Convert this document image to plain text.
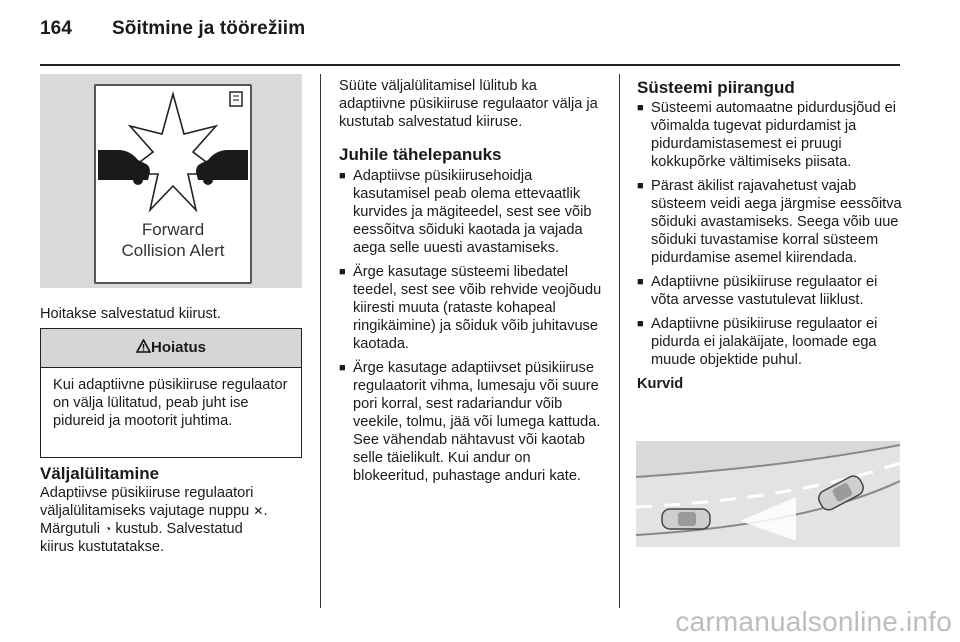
164 Sõitmine ja töörežiim
Forward
Collision Alert

Hoitakse salvestatud kiirust.

Hoiatus
Kui adaptiivne püsikiiruse regulaator on välja lülitatud, peab juht ise pidureid ja mootorit juhtima.
Väljalülitamine

Adaptiivse püsikiiruse regulaatori

väljalülitamiseks vajutage nuppu ✕.

Märgutuli ◔ kustub. Salvestatud

kiirus kustutatakse.

Süüte väljalülitamisel lülitub ka adaptiivne püsikiiruse regulaator välja ja kustutab salvestatud kiiruse.

Juhile tähelepanuks
■ Adaptiivse püsikiirusehoidja kasutamisel peab olema ettevaatlik kurvides ja mägiteedel, sest see võib eessõitva sõiduki kaotada ja vajada aega selle uuesti avastamiseks.
■ Ärge kasutage süsteemi libedatel teedel, sest see võib rehvide veojõudu kiiresti muuta (rataste kohapeal ringikäimine) ja sõiduk võib juhitavuse kaotada.
■ Ärge kasutage adaptiivset püsikiiruse regulaatorit vihma, lumesaju või suure pori korral, sest radariandur võib veekile, tolmu, jää või lumega kattuda. See vähendab nähtavust või kaotab selle täielikult. Kui andur on blokeeritud, puhastage anduri kate.
Süsteemi piirangud
■ Süsteemi automaatne pidurdusjõud ei võimalda tugevat pidurdamist ja pidurdamistasemest ei pruugi kokkupõrke vältimiseks piisata.
■ Pärast äkilist rajavahetust vajab süsteem veidi aega järgmise eessõitva sõiduki avastamiseks. Seega võib uue sõiduki tuvastamise korral süsteem pidurdamise asemel kiirendada.
■ Adaptiivne püsikiiruse regulaator ei võta arvesse vastutulevat liiklust.
■ Adaptiivne püsikiiruse regulaator ei pidurda ei jalakäijate, loomade ega muude objektide puhul.
Kurvid
carmanualsonline.info
